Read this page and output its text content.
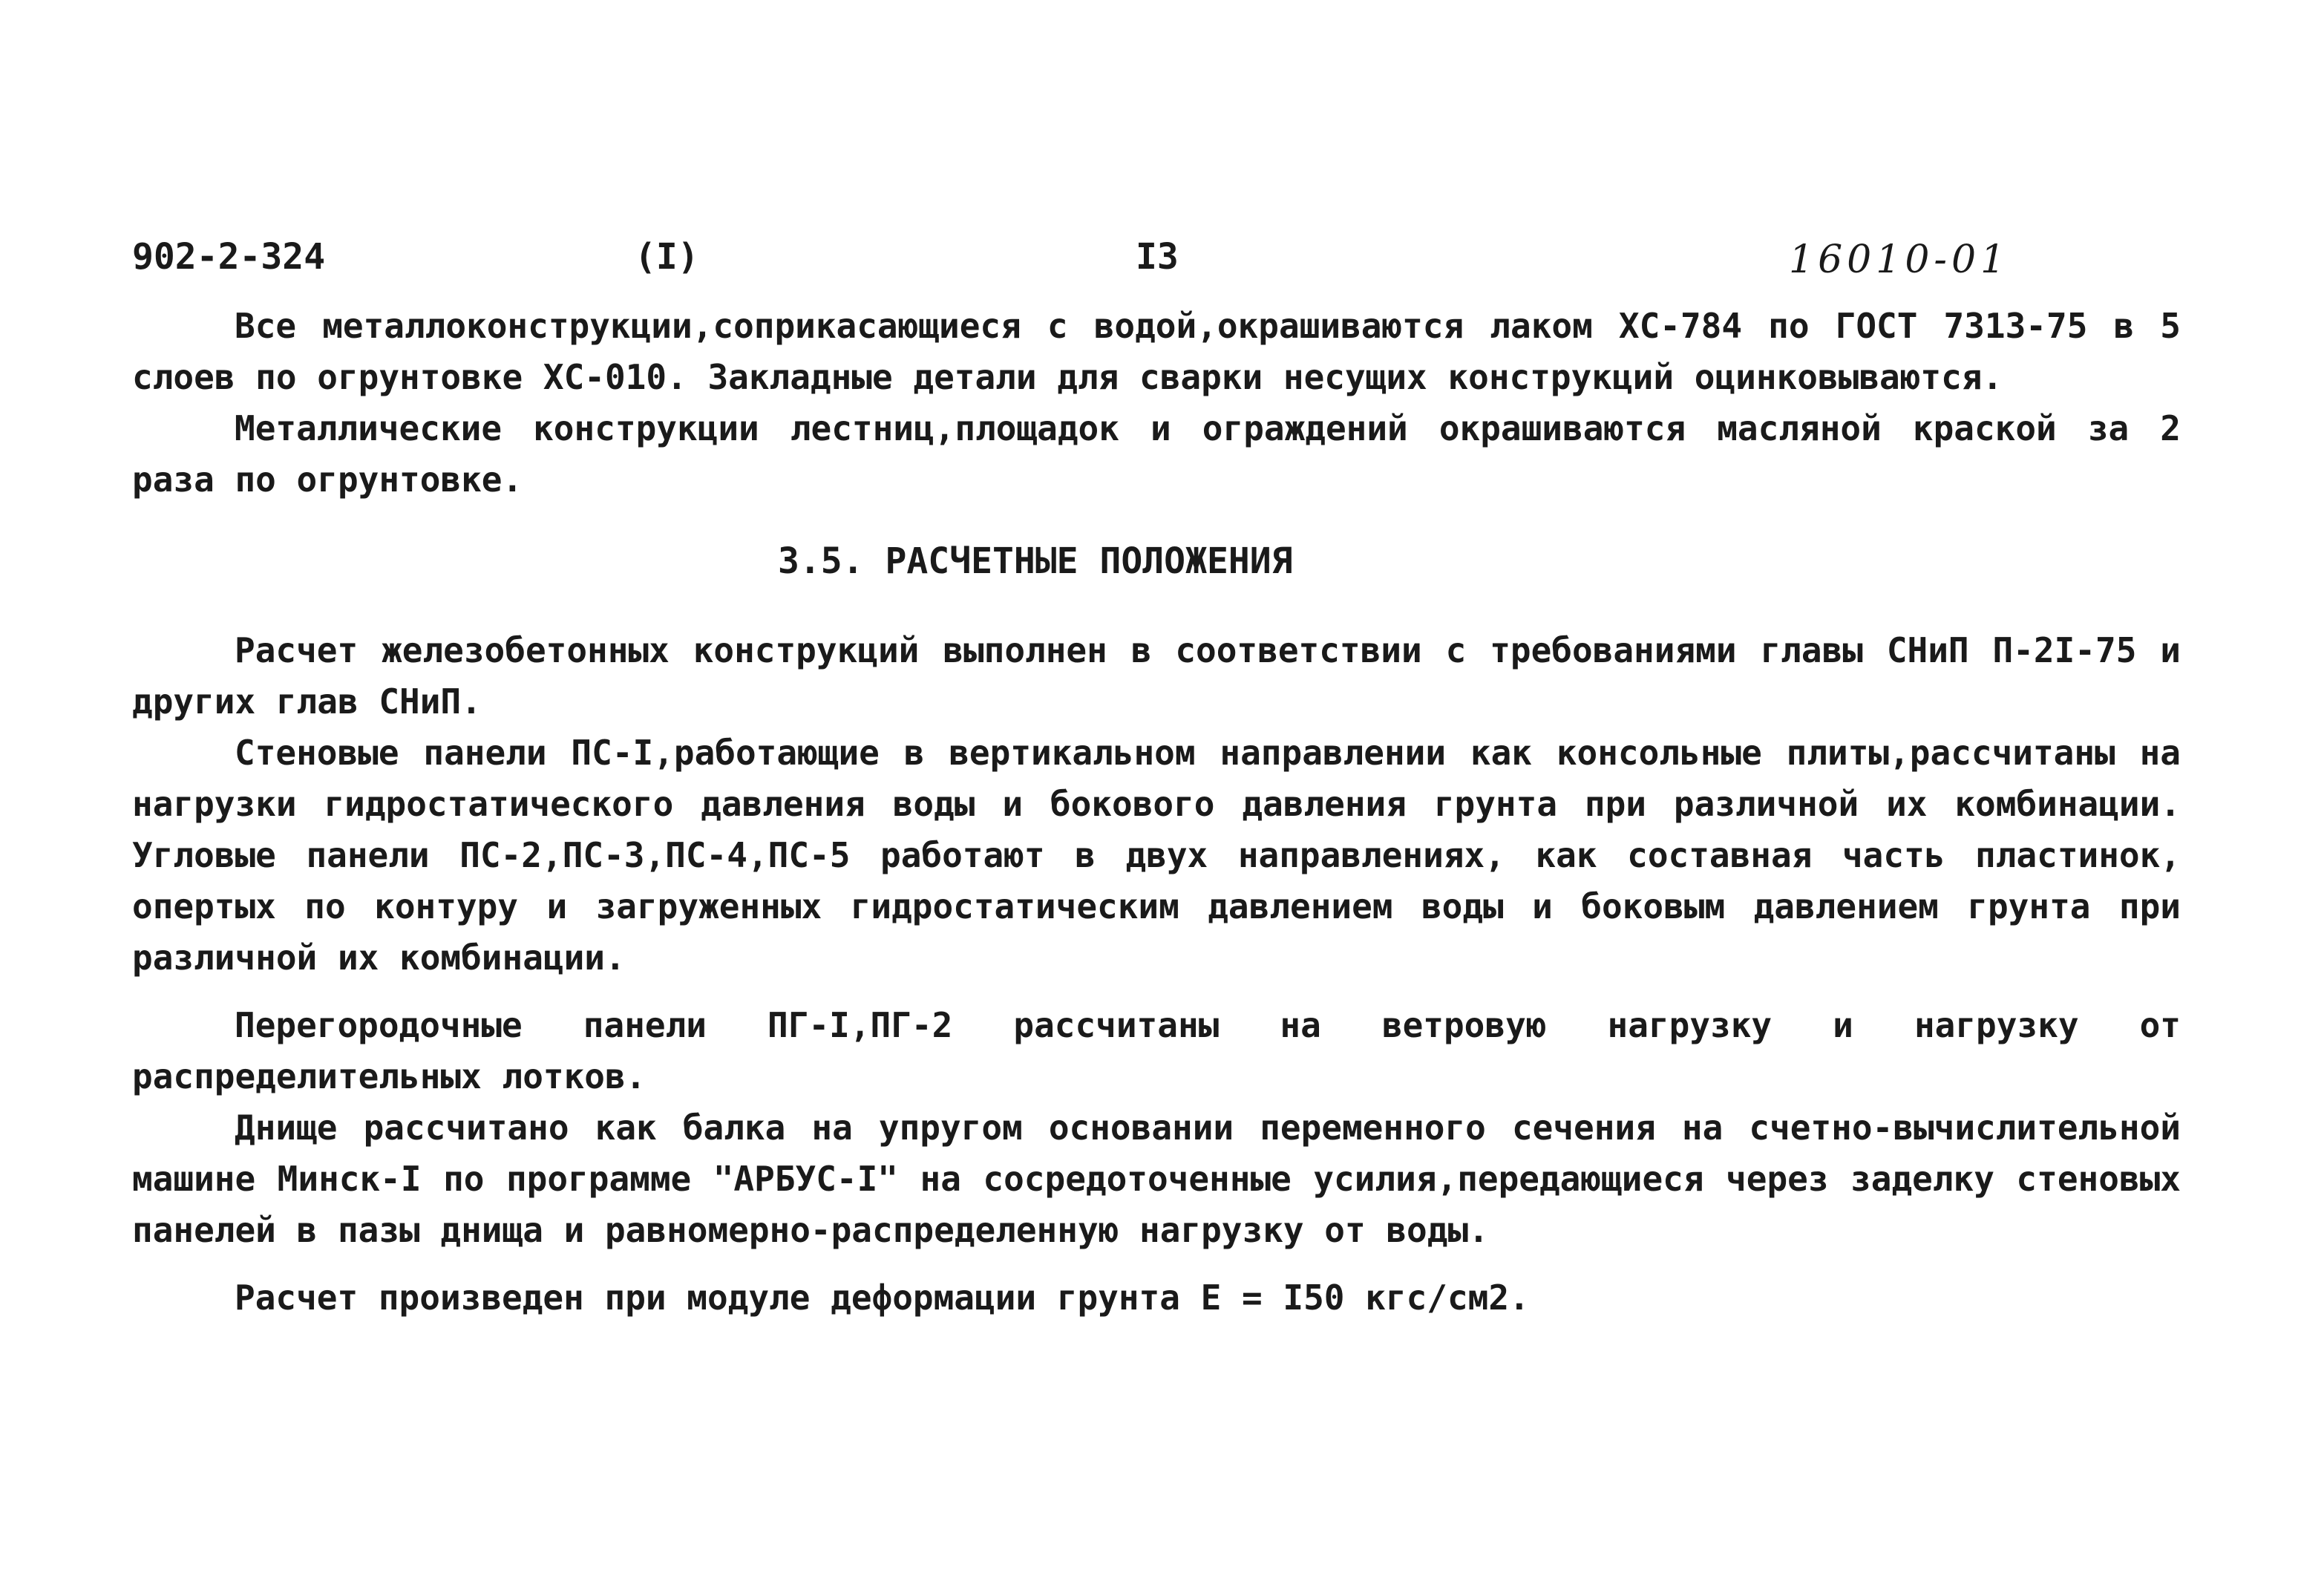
902-2-324	(I)	I3	16010-01

Все металлоконструкции,соприкасающиеся с водой,окрашиваются лаком ХС-784 по ГОСТ 7313-75 в 5 слоев по огрунтовке ХС-010. Закладные детали для сварки несущих конструкций оцинковываются.

Металлические конструкции лестниц,площадок и ограждений окрашиваются масляной краской за 2 раза по огрунтовке.

3.5. РАСЧЕТНЫЕ ПОЛОЖЕНИЯ

Расчет железобетонных конструкций выполнен в соответствии с требованиями главы СНиП П-2I-75 и других глав СНиП.

Стеновые панели ПС-I,работающие в вертикальном направлении как консольные плиты,рассчитаны на нагрузки гидростатического давления воды и бокового давления грунта при различной их комбинации. Угловые панели ПС-2,ПС-3,ПС-4,ПС-5 работают в двух направлениях, как составная часть пластинок, опертых по контуру и загруженных гидростатическим давлением воды и боковым давлением грунта при различной их комбинации.

Перегородочные панели ПГ-I,ПГ-2 рассчитаны на ветровую нагрузку и нагрузку от распределительных лотков.

Днище рассчитано как балка на упругом основании переменного сечения на счетно-вычислительной машине Минск-I по программе "АРБУС-I" на сосредоточенные усилия,передающиеся через заделку стеновых панелей в пазы днища и равномерно-распределенную нагрузку от воды.

Расчет произведен при модуле деформации грунта Е = I50 кгс/см2.
